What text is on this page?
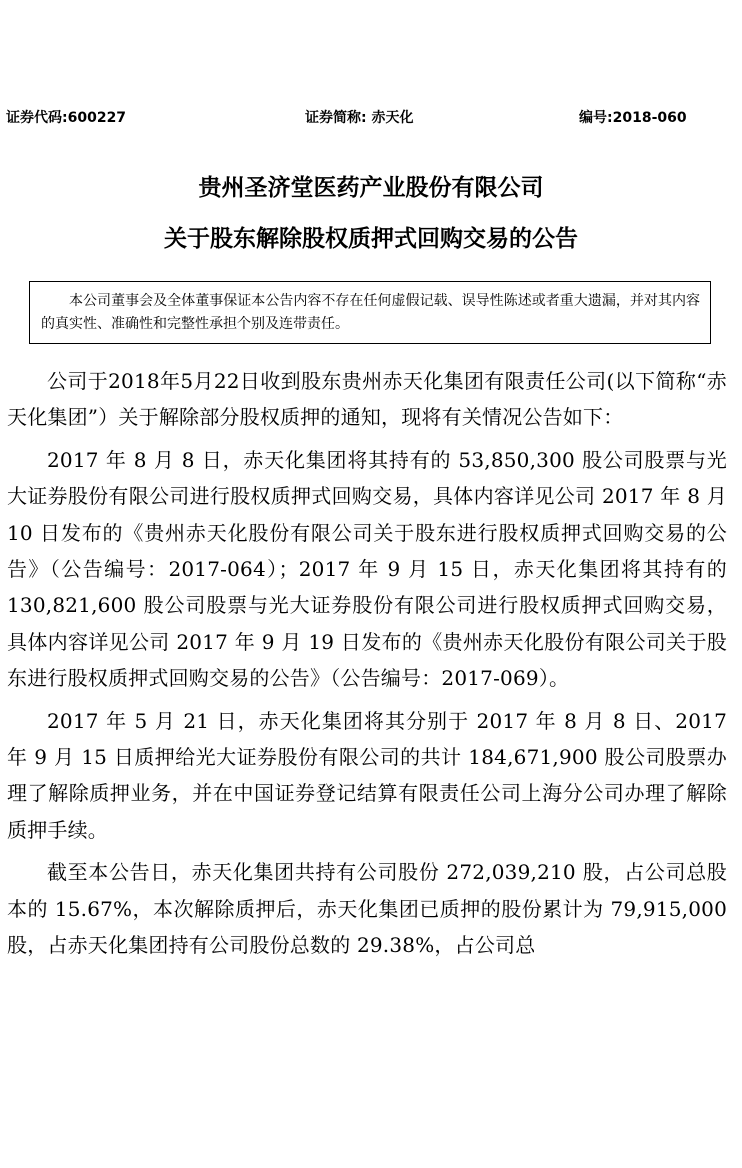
证券代码:600227	证券简称: 赤天化	编号:2018-060
贵州圣济堂医药产业股份有限公司
关于股东解除股权质押式回购交易的公告
本公司董事会及全体董事保证本公告内容不存在任何虚假记载、误导性陈述或者重大遗漏，并对其内容的真实性、准确性和完整性承担个别及连带责任。

公司于2018年5月22日收到股东贵州赤天化集团有限责任公司(以下简称“赤天化集团”）关于解除部分股权质押的通知，现将有关情况公告如下：

2017 年 8 月 8 日，赤天化集团将其持有的 53,850,300 股公司股票与光大证券股份有限公司进行股权质押式回购交易，具体内容详见公司 2017 年 8 月 10 日发布的《贵州赤天化股份有限公司关于股东进行股权质押式回购交易的公告》（公告编号：2017-064）；2017 年 9 月 15 日，赤天化集团将其持有的 130,821,600 股公司股票与光大证券股份有限公司进行股权质押式回购交易，具体内容详见公司 2017 年 9 月 19 日发布的《贵州赤天化股份有限公司关于股东进行股权质押式回购交易的公告》（公告编号：2017-069）。

2017 年 5 月 21 日，赤天化集团将其分别于 2017 年 8 月 8 日、2017 年 9 月 15 日质押给光大证券股份有限公司的共计 184,671,900 股公司股票办理了解除质押业务，并在中国证券登记结算有限责任公司上海分公司办理了解除质押手续。

截至本公告日，赤天化集团共持有公司股份 272,039,210 股，占公司总股本的 15.67%，本次解除质押后，赤天化集团已质押的股份累计为 79,915,000 股，占赤天化集团持有公司股份总数的 29.38%，占公司总
